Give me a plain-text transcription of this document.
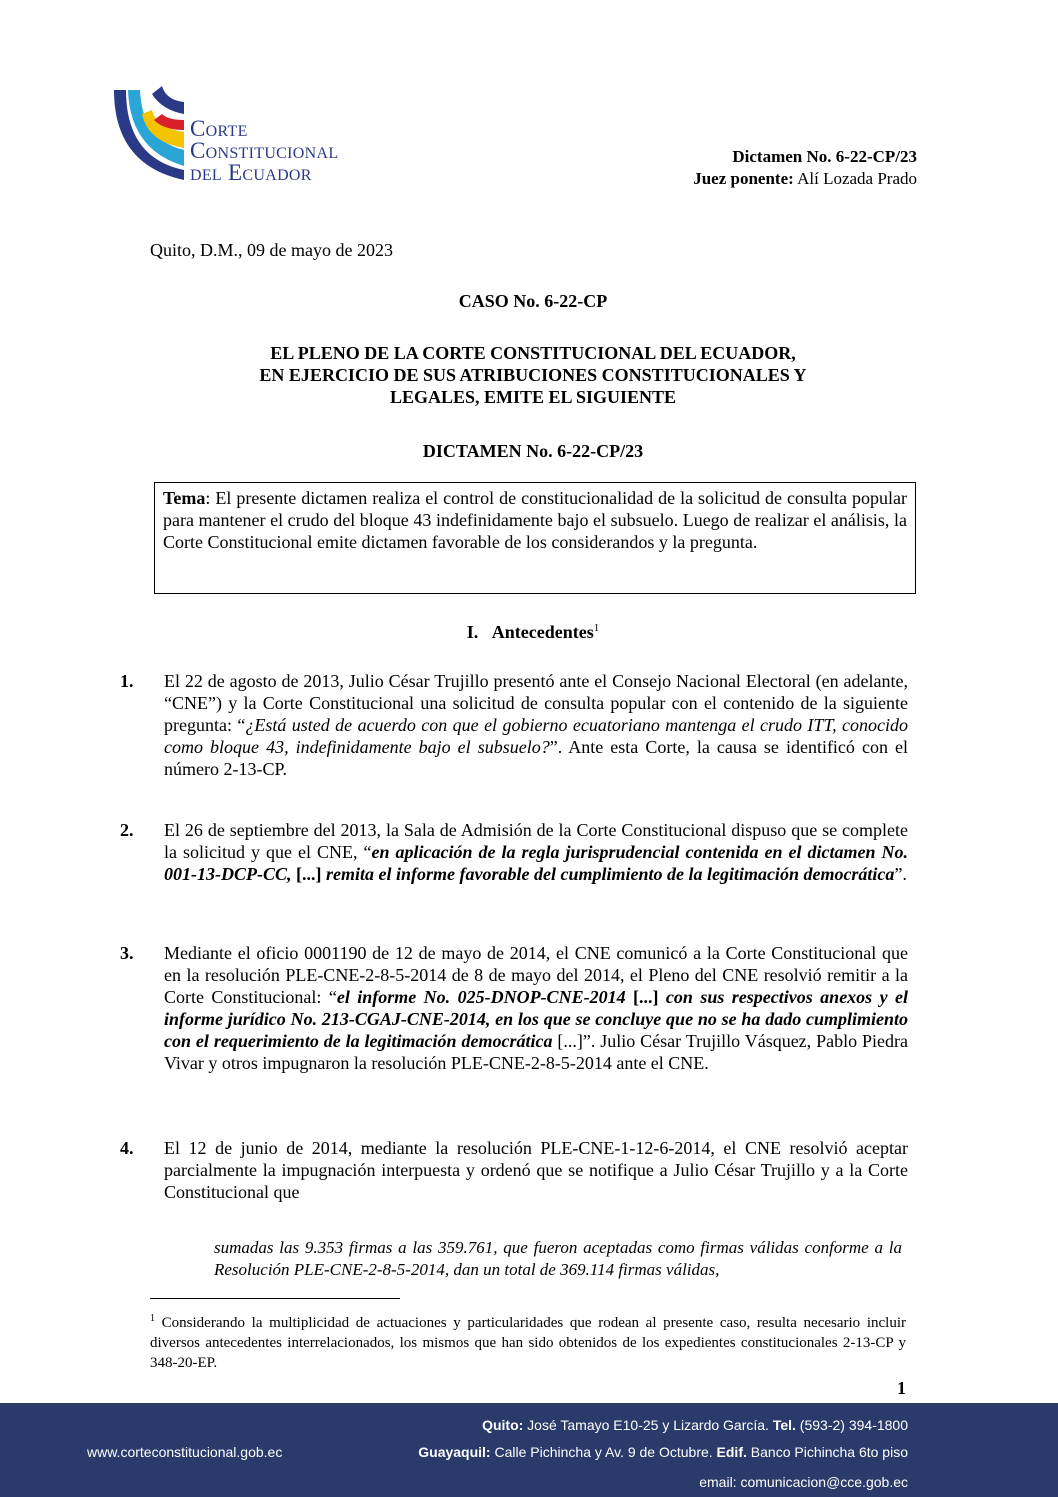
Corte
Constitucional
del Ecuador
Dictamen No. 6-22-CP/23
Juez ponente: Alí Lozada Prado
Quito, D.M., 09 de mayo de 2023
CASO No. 6-22-CP
EL PLENO DE LA CORTE CONSTITUCIONAL DEL ECUADOR,
EN EJERCICIO DE SUS ATRIBUCIONES CONSTITUCIONALES Y
LEGALES, EMITE EL SIGUIENTE
DICTAMEN No. 6-22-CP/23
Tema: El presente dictamen realiza el control de constitucionalidad de la solicitud de consulta popular para mantener el crudo del bloque 43 indefinidamente bajo el subsuelo. Luego de realizar el análisis, la Corte Constitucional emite dictamen favorable de los considerandos y la pregunta.
I. Antecedentes$^1$
1. El 22 de agosto de 2013, Julio César Trujillo presentó ante el Consejo Nacional Electoral (en adelante, “CNE”) y la Corte Constitucional una solicitud de consulta popular con el contenido de la siguiente pregunta: “¿Está usted de acuerdo con que el gobierno ecuatoriano mantenga el crudo ITT, conocido como bloque 43, indefinidamente bajo el subsuelo?”. Ante esta Corte, la causa se identificó con el número 2-13-CP.
2. El 26 de septiembre del 2013, la Sala de Admisión de la Corte Constitucional dispuso que se complete la solicitud y que el CNE, “en aplicación de la regla jurisprudencial contenida en el dictamen No. 001-13-DCP-CC, [...] remita el informe favorable del cumplimiento de la legitimación democrática”.
3. Mediante el oficio 0001190 de 12 de mayo de 2014, el CNE comunicó a la Corte Constitucional que en la resolución PLE-CNE-2-8-5-2014 de 8 de mayo del 2014, el Pleno del CNE resolvió remitir a la Corte Constitucional: “el informe No. 025-DNOP-CNE-2014 [...] con sus respectivos anexos y el informe jurídico No. 213-CGAJ-CNE-2014, en los que se concluye que no se ha dado cumplimiento con el requerimiento de la legitimación democrática [...]”. Julio César Trujillo Vásquez, Pablo Piedra Vivar y otros impugnaron la resolución PLE-CNE-2-8-5-2014 ante el CNE.
4. El 12 de junio de 2014, mediante la resolución PLE-CNE-1-12-6-2014, el CNE resolvió aceptar parcialmente la impugnación interpuesta y ordenó que se notifique a Julio César Trujillo y a la Corte Constitucional que
sumadas las 9.353 firmas a las 359.761, que fueron aceptadas como firmas válidas conforme a la Resolución PLE-CNE-2-8-5-2014, dan un total de 369.114 firmas válidas,
$^1$ Considerando la multiplicidad de actuaciones y particularidades que rodean al presente caso, resulta necesario incluir diversos antecedentes interrelacionados, los mismos que han sido obtenidos de los expedientes constitucionales 2-13-CP y 348-20-EP.
1
Quito: José Tamayo E10-25 y Lizardo García. Tel. (593-2) 394-1800
www.corteconstitucional.gob.ec	Guayaquil: Calle Pichincha y Av. 9 de Octubre. Edif. Banco Pichincha 6to piso
email: comunicacion@cce.gob.ec
